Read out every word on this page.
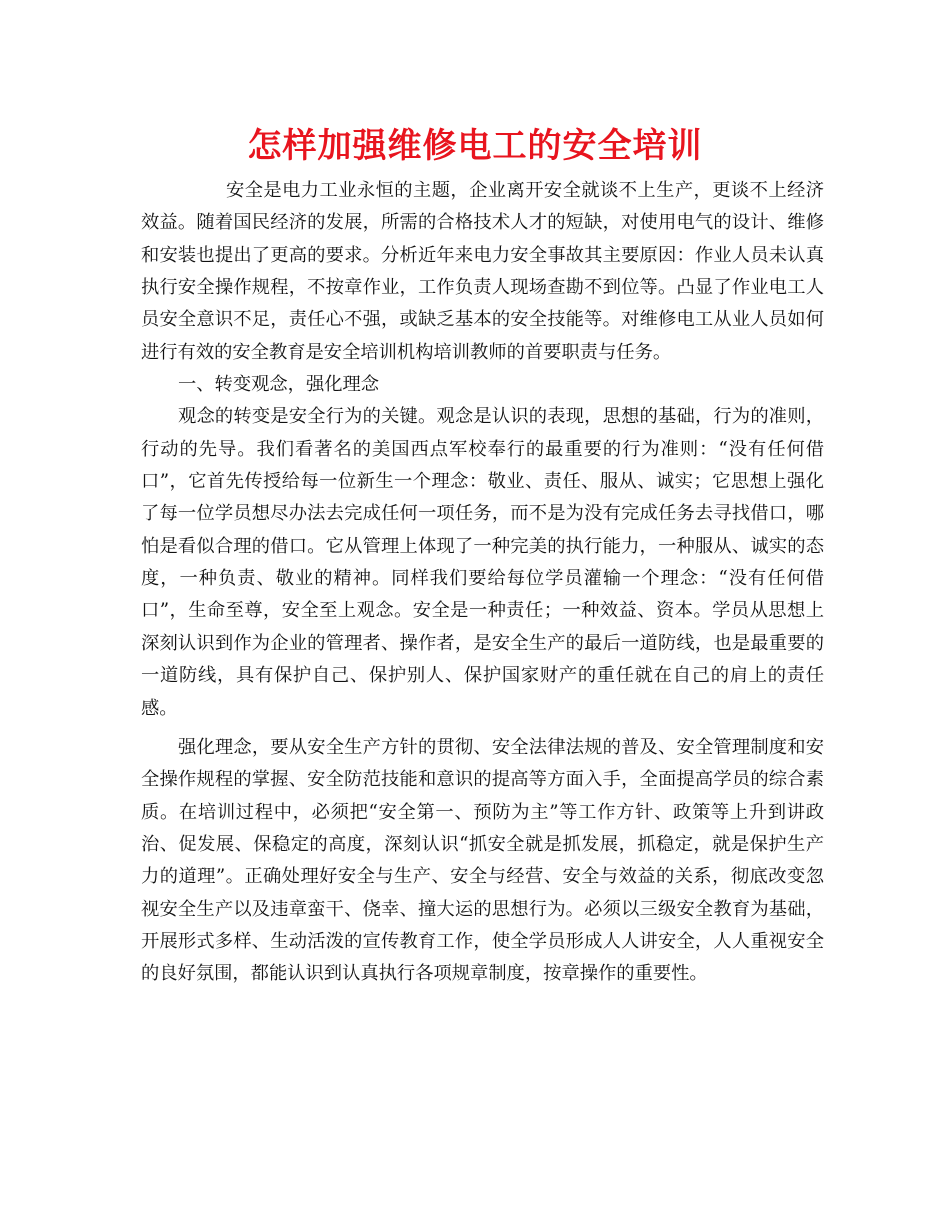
怎样加强维修电工的安全培训

安全是电力工业永恒的主题，企业离开安全就谈不上生产，更谈不上经济效益。随着国民经济的发展，所需的合格技术人才的短缺，对使用电气的设计、维修和安装也提出了更高的要求。分析近年来电力安全事故其主要原因：作业人员未认真执行安全操作规程，不按章作业，工作负责人现场查勘不到位等。凸显了作业电工人员安全意识不足，责任心不强，或缺乏基本的安全技能等。对维修电工从业人员如何进行有效的安全教育是安全培训机构培训教师的首要职责与任务。

一、转变观念，强化理念

观念的转变是安全行为的关键。观念是认识的表现，思想的基础，行为的准则，行动的先导。我们看著名的美国西点军校奉行的最重要的行为准则：“没有任何借口”，它首先传授给每一位新生一个理念：敬业、责任、服从、诚实；它思想上强化了每一位学员想尽办法去完成任何一项任务，而不是为没有完成任务去寻找借口，哪怕是看似合理的借口。它从管理上体现了一种完美的执行能力，一种服从、诚实的态度，一种负责、敬业的精神。同样我们要给每位学员灌输一个理念：“没有任何借口”，生命至尊，安全至上观念。安全是一种责任；一种效益、资本。学员从思想上深刻认识到作为企业的管理者、操作者，是安全生产的最后一道防线，也是最重要的一道防线，具有保护自己、保护别人、保护国家财产的重任就在自己的肩上的责任感。

强化理念，要从安全生产方针的贯彻、安全法律法规的普及、安全管理制度和安全操作规程的掌握、安全防范技能和意识的提高等方面入手，全面提高学员的综合素质。在培训过程中，必须把“安全第一、预防为主”等工作方针、政策等上升到讲政治、促发展、保稳定的高度，深刻认识“抓安全就是抓发展，抓稳定，就是保护生产力的道理”。正确处理好安全与生产、安全与经营、安全与效益的关系，彻底改变忽视安全生产以及违章蛮干、侥幸、撞大运的思想行为。必须以三级安全教育为基础，开展形式多样、生动活泼的宣传教育工作，使全学员形成人人讲安全，人人重视安全的良好氛围，都能认识到认真执行各项规章制度，按章操作的重要性。
